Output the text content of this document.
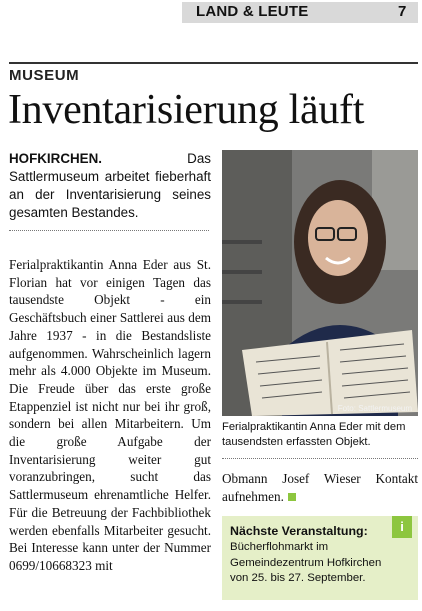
LAND & LEUTE	7
MUSEUM
Inventarisierung läuft
HOFKIRCHEN.	Das Sattlermuseum arbeitet fieberhaft an der Inventarisierung seines gesamten Bestandes.
Ferialpraktikantin Anna Eder aus St. Florian hat vor einigen Tagen das tausendste Objekt - ein Geschäftsbuch einer Sattlerei aus dem Jahre 1937 - in die Bestandsliste aufgenommen. Wahrscheinlich lagern mehr als 4.000 Objekte im Museum. Die Freude über das erste große Etappenziel ist nicht nur bei ihr groß, sondern bei allen Mitarbeitern. Um die große Aufgabe der Inventarisierung weiter gut voranzubringen, sucht das Sattlermuseum ehrenamtliche Helfer. Für die Betreuung der Fachbibliothek werden ebenfalls Mitarbeiter gesucht. Bei Interesse kann unter der Nummer 0699/10668323 mit
Foto: Sattlermuseum
Ferialpraktikantin Anna Eder mit dem tausendsten erfassten Objekt.
Obmann Josef Wieser Kontakt aufnehmen.
i
Nächste Veranstaltung:
Bücherflohmarkt im Gemeindezentrum Hofkirchen von 25. bis 27. September.
